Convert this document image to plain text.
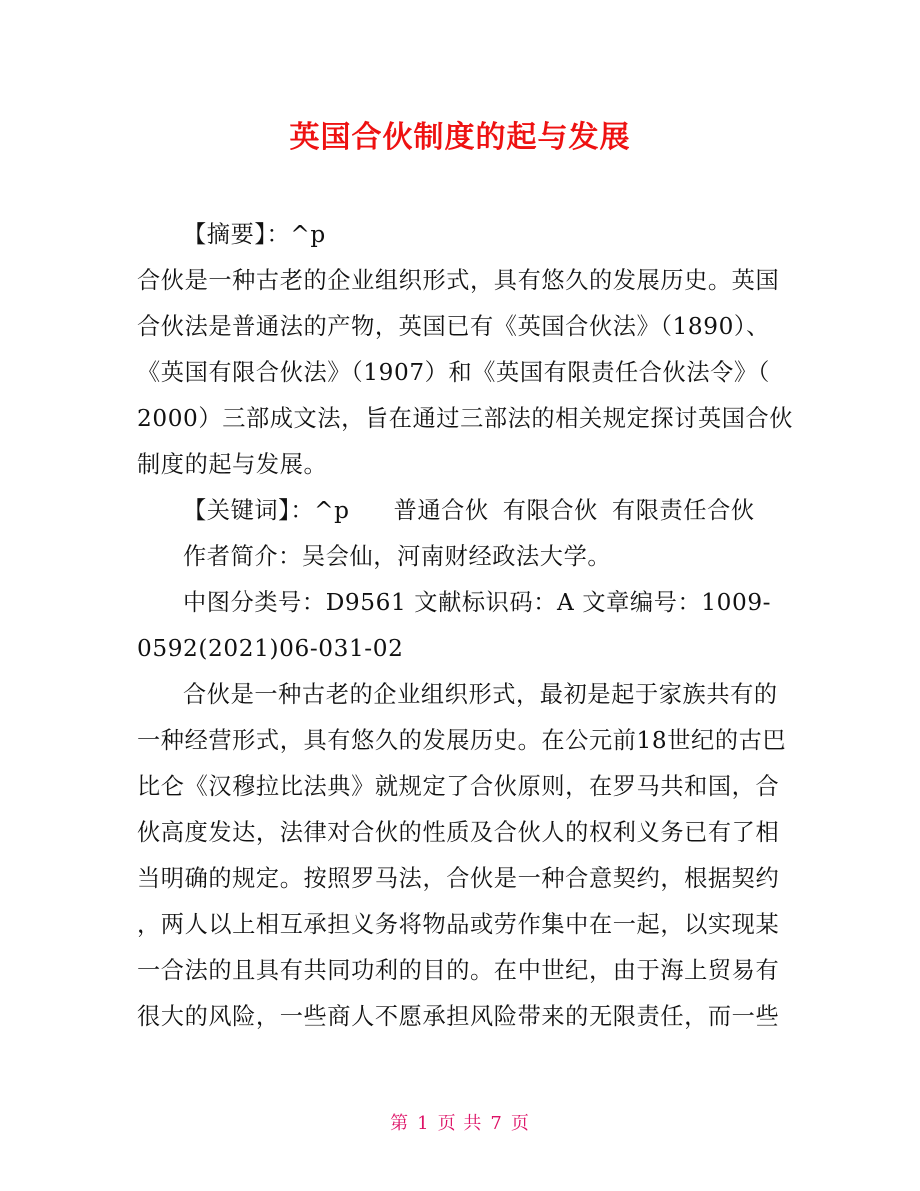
英国合伙制度的起与发展
【摘要】：^p
合伙是一种古老的企业组织形式，具有悠久的发展历史。英国
合伙法是普通法的产物，英国已有《英国合伙法》（1890）、
《英国有限合伙法》（1907）和《英国有限责任合伙法令》（
2000）三部成文法，旨在通过三部法的相关规定探讨英国合伙
制度的起与发展。
【关键词】：^p 普通合伙 有限合伙 有限责任合伙
作者简介：吴会仙，河南财经政法大学。
中图分类号：D9561 文献标识码：A 文章编号：1009-
0592(2021)06-031-02
合伙是一种古老的企业组织形式，最初是起于家族共有的
一种经营形式，具有悠久的发展历史。在公元前18世纪的古巴
比仑《汉穆拉比法典》就规定了合伙原则，在罗马共和国，合
伙高度发达，法律对合伙的性质及合伙人的权利义务已有了相
当明确的规定。按照罗马法，合伙是一种合意契约，根据契约
，两人以上相互承担义务将物品或劳作集中在一起，以实现某
一合法的且具有共同功利的目的。在中世纪，由于海上贸易有
很大的风险，一些商人不愿承担风险带来的无限责任，而一些
第 1 页 共 7 页
